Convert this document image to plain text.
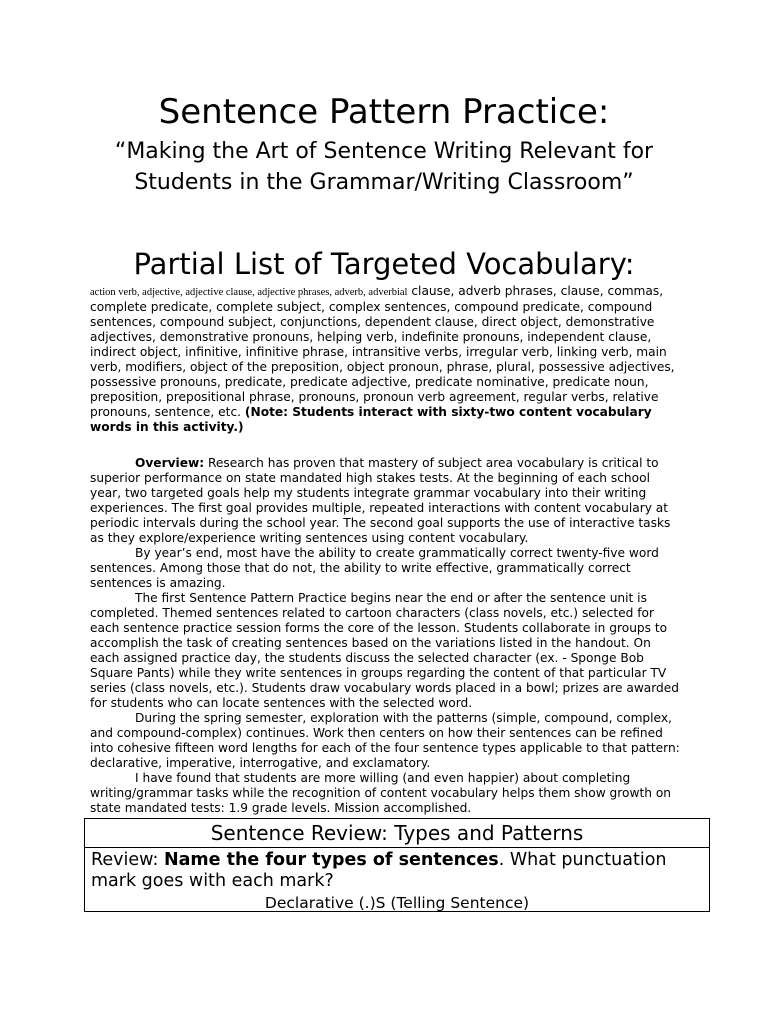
Sentence Pattern Practice:
“Making the Art of Sentence Writing Relevant for Students in the Grammar/Writing Classroom”
Partial List of Targeted Vocabulary:
action verb, adjective, adjective clause, adjective phrases, adverb, adverbial clause, adverb phrases, clause, commas, complete predicate, complete subject, complex sentences, compound predicate, compound sentences, compound subject, conjunctions, dependent clause, direct object, demonstrative adjectives, demonstrative pronouns, helping verb, indefinite pronouns, independent clause, indirect object, infinitive, infinitive phrase, intransitive verbs, irregular verb, linking verb, main verb, modifiers, object of the preposition, object pronoun, phrase, plural, possessive adjectives, possessive pronouns, predicate, predicate adjective, predicate nominative, predicate noun, preposition, prepositional phrase, pronouns, pronoun verb agreement, regular verbs, relative pronouns, sentence, etc. (Note: Students interact with sixty-two content vocabulary words in this activity.)

Overview: Research has proven that mastery of subject area vocabulary is critical to superior performance on state mandated high stakes tests. At the beginning of each school year, two targeted goals help my students integrate grammar vocabulary into their writing experiences. The first goal provides multiple, repeated interactions with content vocabulary at periodic intervals during the school year. The second goal supports the use of interactive tasks as they explore/experience writing sentences using content vocabulary.

By year’s end, most have the ability to create grammatically correct twenty-five word sentences. Among those that do not, the ability to write effective, grammatically correct sentences is amazing.

The first Sentence Pattern Practice begins near the end or after the sentence unit is completed. Themed sentences related to cartoon characters (class novels, etc.) selected for each sentence practice session forms the core of the lesson. Students collaborate in groups to accomplish the task of creating sentences based on the variations listed in the handout. On each assigned practice day, the students discuss the selected character (ex. - Sponge Bob Square Pants) while they write sentences in groups regarding the content of that particular TV series (class novels, etc.). Students draw vocabulary words placed in a bowl; prizes are awarded for students who can locate sentences with the selected word.

During the spring semester, exploration with the patterns (simple, compound, complex, and compound-complex) continues. Work then centers on how their sentences can be refined into cohesive fifteen word lengths for each of the four sentence types applicable to that pattern: declarative, imperative, interrogative, and exclamatory.

I have found that students are more willing (and even happier) about completing writing/grammar tasks while the recognition of content vocabulary helps them show growth on state mandated tests: 1.9 grade levels. Mission accomplished.

Sentence Review: Types and Patterns
Review: Name the four types of sentences. What punctuation mark goes with each mark?
Declarative (.)S (Telling Sentence)
